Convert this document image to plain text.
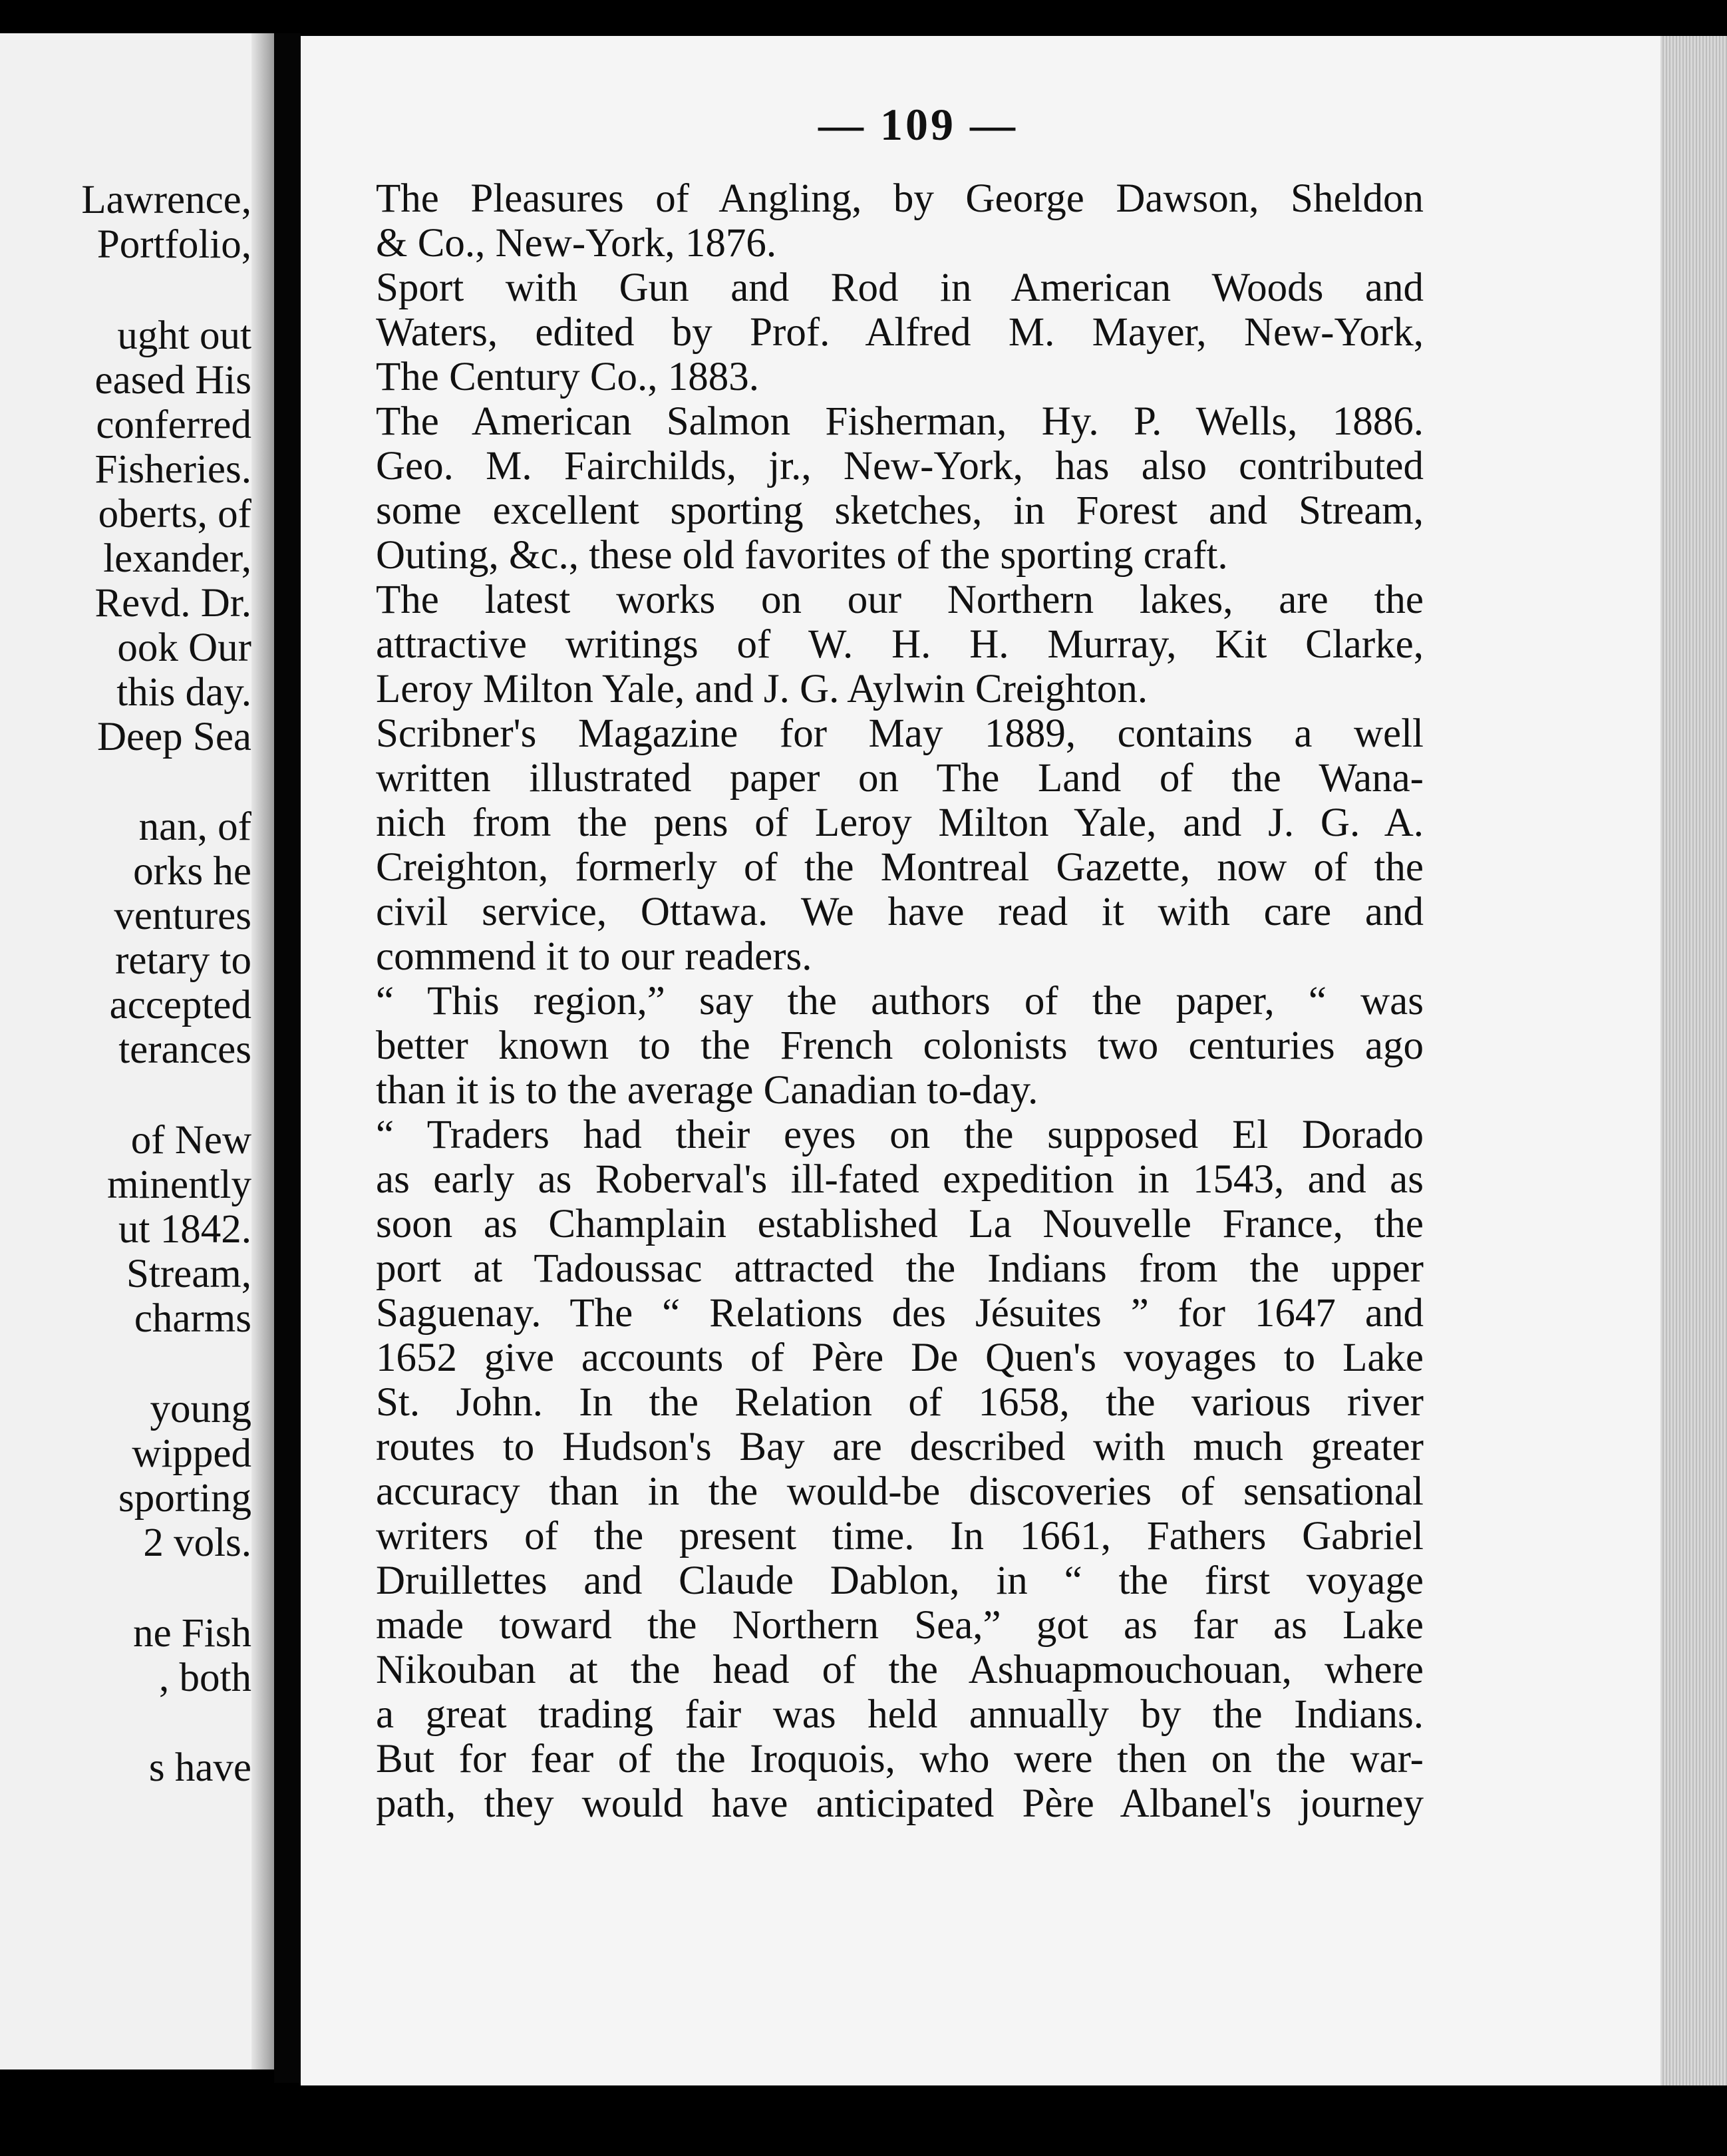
Lawrence,
Portfolio,
ught out
eased His
conferred
Fisheries.
oberts, of
lexander,
Revd. Dr.
ook Our
this day.
Deep Sea
nan, of
orks he
ventures
retary to
accepted
terances
of New
minently
ut 1842.
Stream,
charms
young
wipped
sporting
2 vols.
ne Fish
, both
s have
— 109 —
The Pleasures of Angling, by George Dawson, Sheldon
& Co., New-York, 1876.
Sport with Gun and Rod in American Woods and
Waters, edited by Prof. Alfred M. Mayer, New-York,
The Century Co., 1883.
The American Salmon Fisherman, Hy. P. Wells, 1886.
Geo. M. Fairchilds, jr., New-York, has also contributed
some excellent sporting sketches, in Forest and Stream,
Outing, &c., these old favorites of the sporting craft.
The latest works on our Northern lakes, are the
attractive writings of W. H. H. Murray, Kit Clarke,
Leroy Milton Yale, and J. G. Aylwin Creighton.
Scribner's Magazine for May 1889, contains a well
written illustrated paper on The Land of the Wana-
nich from the pens of Leroy Milton Yale, and J. G. A.
Creighton, formerly of the Montreal Gazette, now of the
civil service, Ottawa. We have read it with care and
commend it to our readers.
“ This region,” say the authors of the paper, “ was
better known to the French colonists two centuries ago
than it is to the average Canadian to-day.
“ Traders had their eyes on the supposed El Dorado
as early as Roberval's ill-fated expedition in 1543, and as
soon as Champlain established La Nouvelle France, the
port at Tadoussac attracted the Indians from the upper
Saguenay. The “ Relations des Jésuites ” for 1647 and
1652 give accounts of Père De Quen's voyages to Lake
St. John. In the Relation of 1658, the various river
routes to Hudson's Bay are described with much greater
accuracy than in the would-be discoveries of sensational
writers of the present time. In 1661, Fathers Gabriel
Druillettes and Claude Dablon, in “ the first voyage
made toward the Northern Sea,” got as far as Lake
Nikouban at the head of the Ashuapmouchouan, where
a great trading fair was held annually by the Indians.
But for fear of the Iroquois, who were then on the war-
path, they would have anticipated Père Albanel's journey
